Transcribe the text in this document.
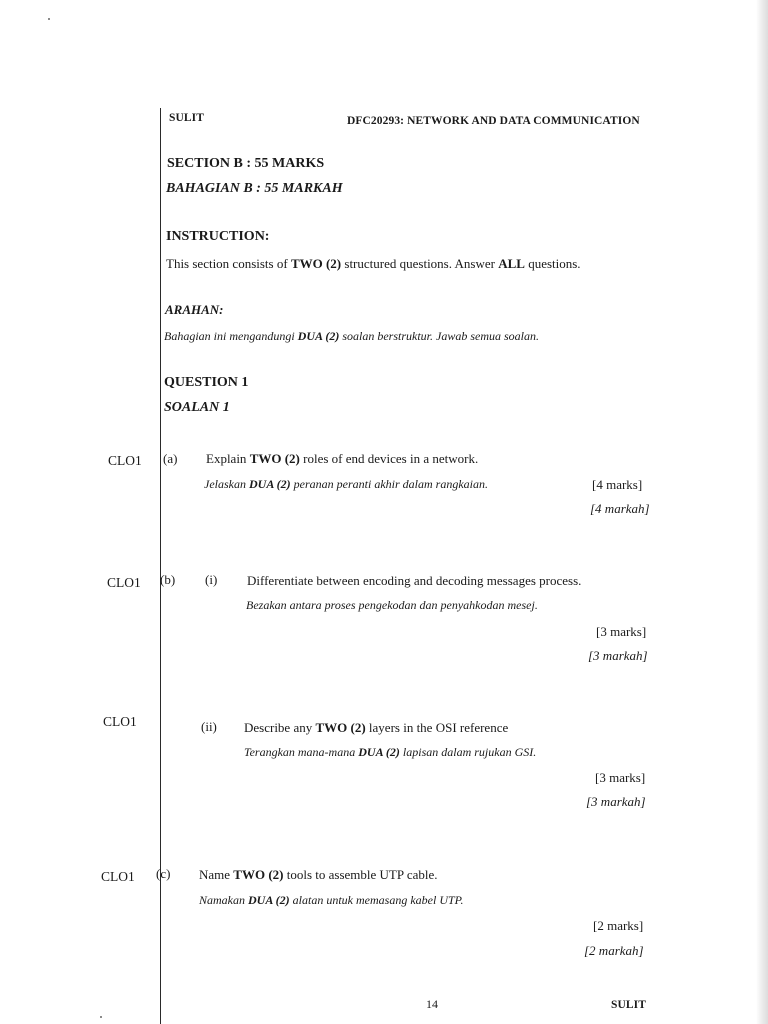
SULIT	DFC20293: NETWORK AND DATA COMMUNICATION
SECTION B : 55 MARKS
BAHAGIAN B : 55 MARKAH
INSTRUCTION:
This section consists of TWO (2) structured questions. Answer ALL questions.
ARAHAN:
Bahagian ini mengandungi DUA (2) soalan berstruktur. Jawab semua soalan.
QUESTION 1
SOALAN 1
CLO1 (a) Explain TWO (2) roles of end devices in a network.
Jelaskan DUA (2) peranan peranti akhir dalam rangkaian.	[4 marks]
[4 markah]
CLO1 (b) (i) Differentiate between encoding and decoding messages process.
Bezakan antara proses pengekodan dan penyahkodan mesej.
[3 marks]
[3 markah]
CLO1	(ii) Describe any TWO (2) layers in the OSI reference
Terangkan mana-mana DUA (2) lapisan dalam rujukan GSI.
[3 marks]
[3 markah]
CLO1 (c) Name TWO (2) tools to assemble UTP cable.
Namakan DUA (2) alatan untuk memasang kabel UTP.
[2 marks]
[2 markah]
14	SULIT
